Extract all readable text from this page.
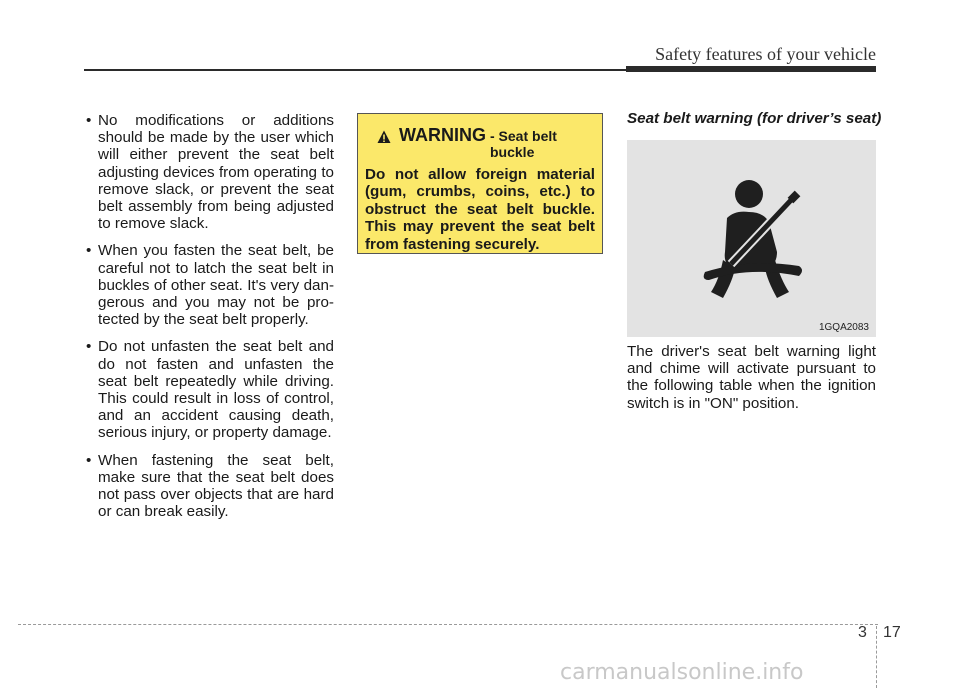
Safety features of your vehicle
• No modifications or additions should be made by the user which will either prevent the seat belt adjusting devices from operating to remove slack, or prevent the seat belt assembly from being adjusted to remove slack.
• When you fasten the seat belt, be careful not to latch the seat belt in buckles of other seat. It's very dan-gerous and you may not be pro-tected by the seat belt properly.
• Do not unfasten the seat belt and do not fasten and unfasten the seat belt repeatedly while driving. This could result in loss of control, and an accident causing death, serious injury, or property damage.
• When fastening the seat belt, make sure that the seat belt does not pass over objects that are hard or can break easily.
WARNING - Seat belt buckle
Do not allow foreign material (gum, crumbs, coins, etc.) to obstruct the seat belt buckle. This may prevent the seat belt from fastening securely.
Seat belt warning (for driver’s seat)
1GQA2083
The driver's seat belt warning light and chime will activate pursuant to the following table when the ignition switch is in "ON" position.
3 17
carmanualsonline.info
